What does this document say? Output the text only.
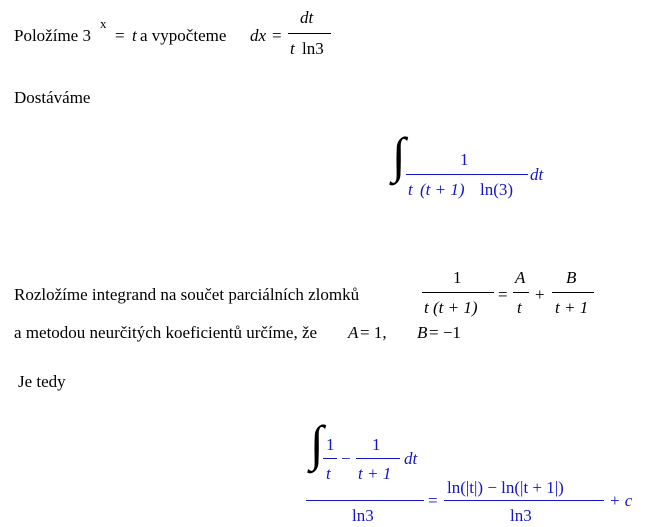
Položíme 3
x
= t a vypočteme dx =
dt
t ln3
Dostáváme
∫	1
t (t + 1) ln(3)
dt
Rozložíme integrand na součet parciálních zlomků
1
t (t + 1)
=
A
t
+
B
t + 1
a metodou neurčitých koeficientů určíme, že A = 1, B = −1
Je tedy
∫ 1
t
−
1
t + 1
dt
ln3
=
ln(|t|) − ln(|t + 1|)
ln3
+ c
